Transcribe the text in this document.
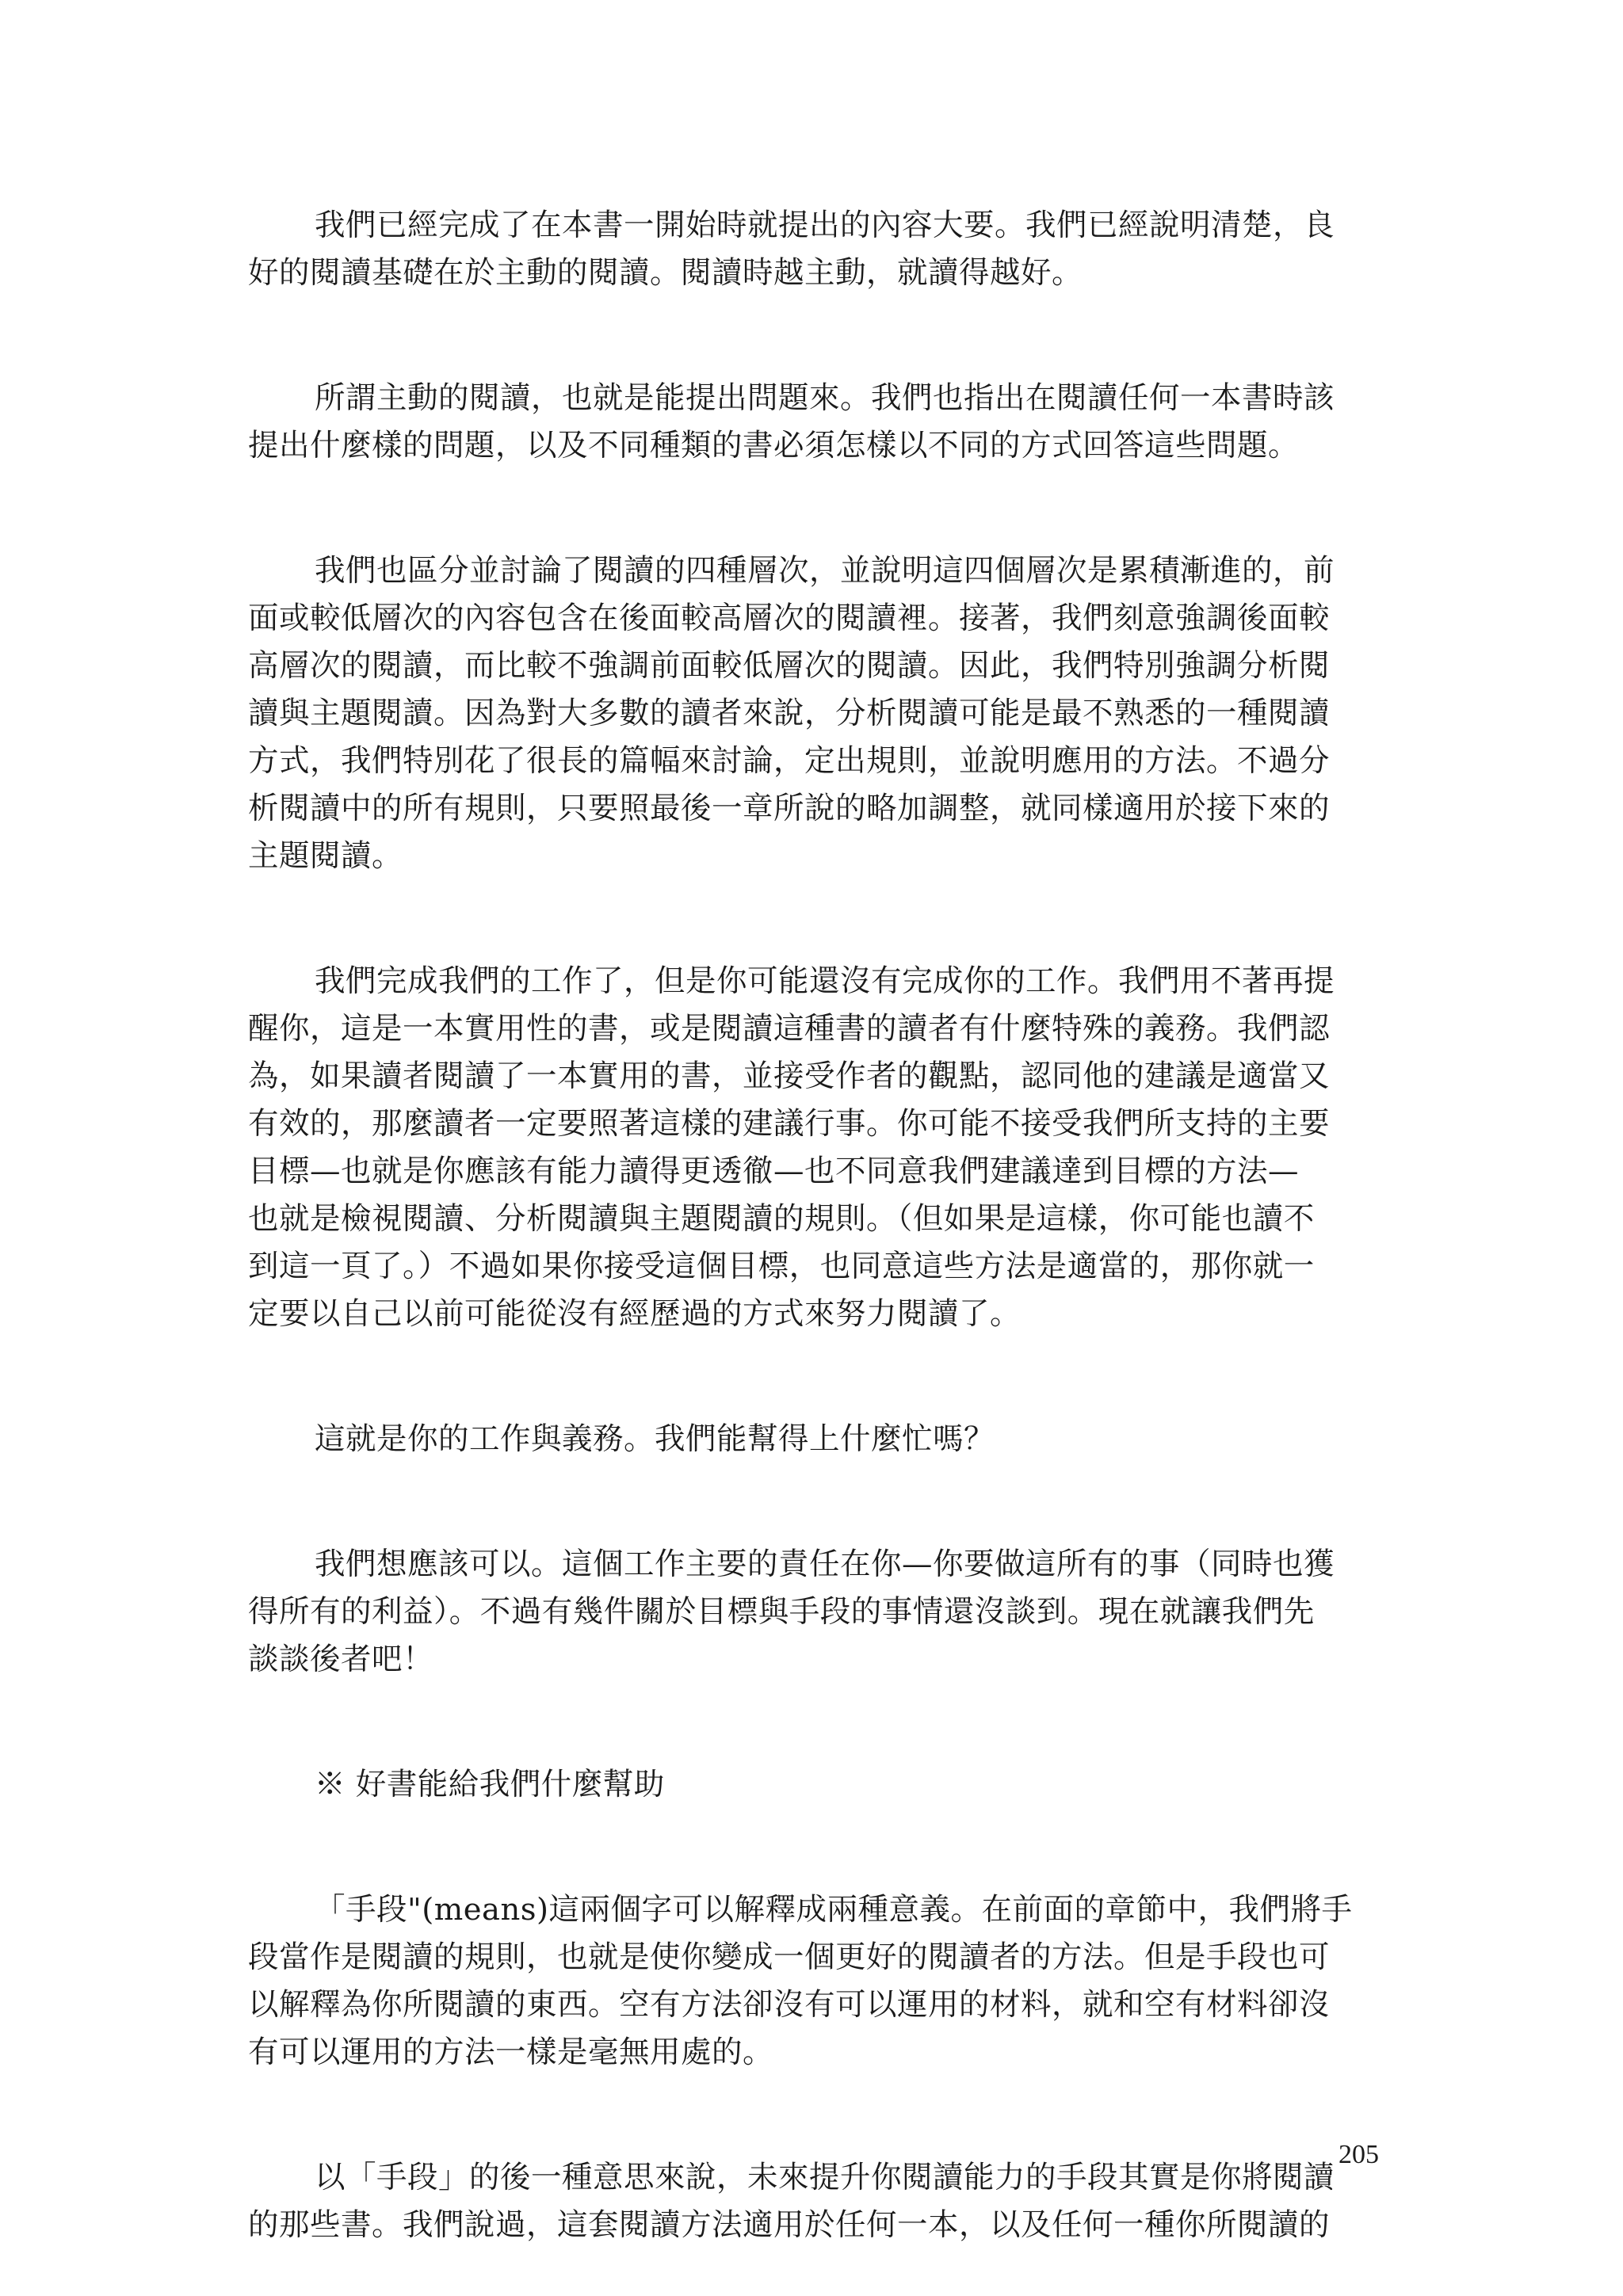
我們已經完成了在本書一開始時就提出的內容大要。我們已經說明清楚，良
好的閱讀基礎在於主動的閱讀。閱讀時越主動，就讀得越好。
所謂主動的閱讀，也就是能提出問題來。我們也指出在閱讀任何一本書時該
提出什麼樣的問題，以及不同種類的書必須怎樣以不同的方式回答這些問題。
我們也區分並討論了閱讀的四種層次，並說明這四個層次是累積漸進的，前
面或較低層次的內容包含在後面較高層次的閱讀裡。接著，我們刻意強調後面較
高層次的閱讀，而比較不強調前面較低層次的閱讀。因此，我們特別強調分析閱
讀與主題閱讀。因為對大多數的讀者來說，分析閱讀可能是最不熟悉的一種閱讀
方式，我們特別花了很長的篇幅來討論，定出規則，並說明應用的方法。不過分
析閱讀中的所有規則，只要照最後一章所說的略加調整，就同樣適用於接下來的
主題閱讀。
我們完成我們的工作了，但是你可能還沒有完成你的工作。我們用不著再提
醒你，這是一本實用性的書，或是閱讀這種書的讀者有什麼特殊的義務。我們認
為，如果讀者閱讀了一本實用的書，並接受作者的觀點，認同他的建議是適當又
有效的，那麼讀者一定要照著這樣的建議行事。你可能不接受我們所支持的主要
目標—也就是你應該有能力讀得更透徹—也不同意我們建議達到目標的方法—
也就是檢視閱讀、分析閱讀與主題閱讀的規則。（但如果是這樣，你可能也讀不
到這一頁了。）不過如果你接受這個目標，也同意這些方法是適當的，那你就一
定要以自己以前可能從沒有經歷過的方式來努力閱讀了。
這就是你的工作與義務。我們能幫得上什麼忙嗎？
我們想應該可以。這個工作主要的責任在你—你要做這所有的事（同時也獲
得所有的利益）。不過有幾件關於目標與手段的事情還沒談到。現在就讓我們先
談談後者吧！
※ 好書能給我們什麼幫助
「手段"(means)這兩個字可以解釋成兩種意義。在前面的章節中，我們將手
段當作是閱讀的規則，也就是使你變成一個更好的閱讀者的方法。但是手段也可
以解釋為你所閱讀的東西。空有方法卻沒有可以運用的材料，就和空有材料卻沒
有可以運用的方法一樣是毫無用處的。
以「手段」的後一種意思來說，未來提升你閱讀能力的手段其實是你將閱讀
的那些書。我們說過，這套閱讀方法適用於任何一本，以及任何一種你所閱讀的
205
